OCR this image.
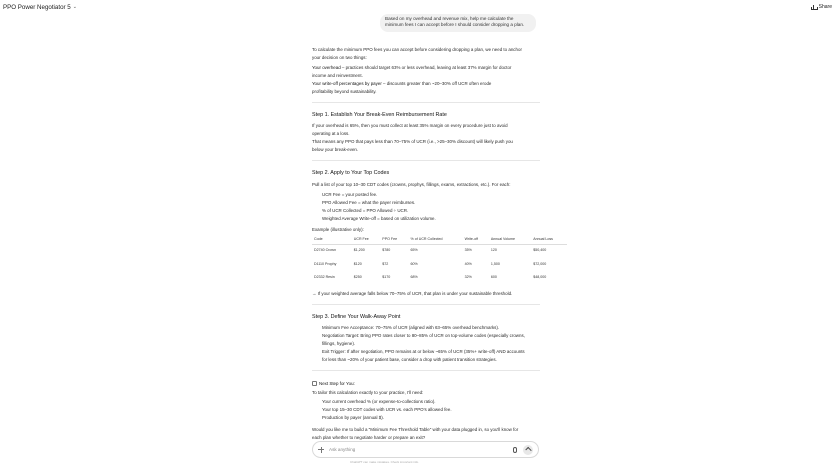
PPO Power Negotiator 5 ⌄	Share
Based on my overhead and revenue mix, help me calculate the minimum fees I can accept before I should consider dropping a plan.

To calculate the minimum PPO fees you can accept before considering dropping a plan, we need to anchor

your decision on two things:

Your overhead – practices should target 63% or less overhead, leaving at least 37% margin for doctor

income and reinvestment.

Your write-off percentages by payer – discounts greater than ~20–30% off UCR often erode

profitability beyond sustainability.

Step 1. Establish Your Break-Even Reimbursement Rate

If your overhead is 65%, then you must collect at least 35% margin on every procedure just to avoid

operating at a loss.

That means any PPO that pays less than 70–75% of UCR (i.e., >25–30% discount) will likely push you

below your break-even.

Step 2. Apply to Your Top Codes

Pull a list of your top 10–30 CDT codes (crowns, prophys, fillings, exams, extractions, etc.). For each:

UCR Fee = your posted fee.

PPO Allowed Fee = what the payer reimburses.

% of UCR Collected = PPO Allowed ÷ UCR.

Weighted Average Write-off = based on utilization volume.

Example (illustrative only):

Code	UCR Fee	PPO Fee	% of UCR Collected	Write-off	Annual Volume	Annual Loss
D2740 Crown	$1,200	$780	65%	35%	120	$50,400
D1110 Prophy	$120	$72	60%	40%	1,500	$72,000
D2332 Resin	$250	$170	68%	32%	600	$48,000

→ If your weighted average falls below 70–75% of UCR, that plan is under your sustainable threshold.

Step 3. Define Your Walk-Away Point

Minimum Fee Acceptance: 70–75% of UCR (aligned with 63–65% overhead benchmarks).

Negotiation Target: Bring PPO rates closer to 80–85% of UCR on top-volume codes (especially crowns,

fillings, hygiene).

Exit Trigger: If after negotiation, PPO remains at or below ~65% of UCR (35%+ write-off) AND accounts

for less than ~20% of your patient base, consider a drop with patient transition strategies.

Next Step for You:

To tailor this calculation exactly to your practice, I'll need:

Your current overhead % (or expense-to-collections ratio).

Your top 15–30 CDT codes with UCR vs. each PPO's allowed fee.

Production by payer (annual $).

Would you like me to build a "Minimum Fee Threshold Table" with your data plugged in, so you'll know for

each plan whether to negotiate harder or prepare an exit?

Ask anything
ChatGPT can make mistakes. Check important info.
